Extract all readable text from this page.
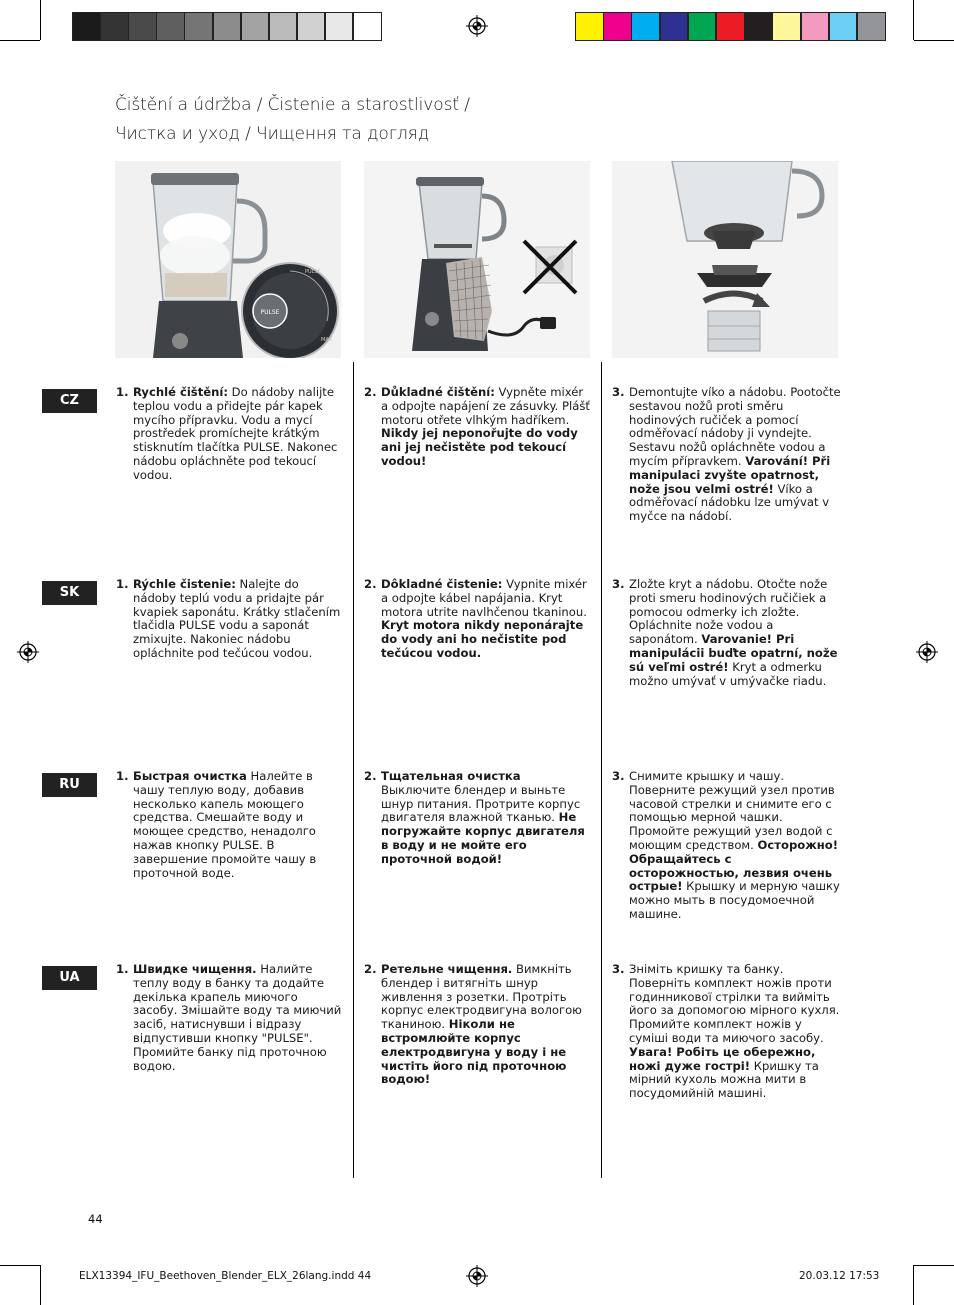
Čištění a údržba / Čistenie a starostlivosť /
Чистка и уход / Чищення та догляд
PULSE
PULSE
MAX
CZ
1. Rychlé čištění: Do nádoby nalijte teplou vodu a přidejte pár kapek mycího přípravku. Vodu a mycí prostředek promíchejte krátkým stisknutím tlačítka PULSE. Nakonec nádobu opláchněte pod tekoucí vodou.
2. Důkladné čištění: Vypněte mixér a odpojte napájení ze zásuvky. Plášť motoru otřete vlhkým hadříkem. Nikdy jej neponořujte do vody ani jej nečistěte pod tekoucí vodou!
3. Demontujte víko a nádobu. Pootočte sestavou nožů proti směru hodinových ručiček a pomocí odměřovací nádoby ji vyndejte. Sestavu nožů opláchněte vodou a mycím přípravkem. Varování! Při manipulaci zvyšte opatrnost, nože jsou velmi ostré! Víko a odměřovací nádobku lze umývat v myčce na nádobí.
SK
1. Rýchle čistenie: Nalejte do nádoby teplú vodu a pridajte pár kvapiek saponátu. Krátky stlačením tlačidla PULSE vodu a saponát zmixujte. Nakoniec nádobu opláchnite pod tečúcou vodou.
2. Dôkladné čistenie: Vypnite mixér a odpojte kábel napájania. Kryt motora utrite navlhčenou tkaninou. Kryt motora nikdy neponárajte do vody ani ho nečistite pod tečúcou vodou.
3. Zložte kryt a nádobu. Otočte nože proti smeru hodinových ručičiek a pomocou odmerky ich zložte. Opláchnite nože vodou a saponátom. Varovanie! Pri manipulácii buďte opatrní, nože sú veľmi ostré! Kryt a odmerku možno umývať v umývačke riadu.
RU
1. Быстрая очистка Налейте в чашу теплую воду, добавив несколько капель моющего средства. Смешайте воду и моющее средство, ненадолго нажав кнопку PULSE. В завершение промойте чашу в проточной воде.
2. Тщательная очистка Выключите блендер и выньте шнур питания. Протрите корпус двигателя влажной тканью. Не погружайте корпус двигателя в воду и не мойте его проточной водой!
3. Снимите крышку и чашу. Поверните режущий узел против часовой стрелки и снимите его с помощью мерной чашки. Промойте режущий узел водой с моющим средством. Осторожно! Обращайтесь с осторожностью, лезвия очень острые! Крышку и мерную чашку можно мыть в посудомоечной машине.
UA
1. Швидке чищення. Налийте теплу воду в банку та додайте декілька крапель миючого засобу. Змішайте воду та миючий засіб, натиснувши і відразу відпустивши кнопку "PULSE". Промийте банку під проточною водою.
2. Ретельне чищення. Вимкніть блендер і витягніть шнур живлення з розетки. Протріть корпус електродвигуна вологою тканиною. Ніколи не встромлюйте корпус електродвигуна у воду і не чистіть його під проточною водою!
3. Зніміть кришку та банку. Поверніть комплект ножів проти годинникової стрілки та вийміть його за допомогою мірного кухля. Промийте комплект ножів у суміші води та миючого засобу. Увага! Робіть це обережно, ножі дуже гострі! Кришку та мірний кухоль можна мити в посудомийній машині.
44
ELX13394_IFU_Beethoven_Blender_ELX_26lang.indd 44	20.03.12 17:53
